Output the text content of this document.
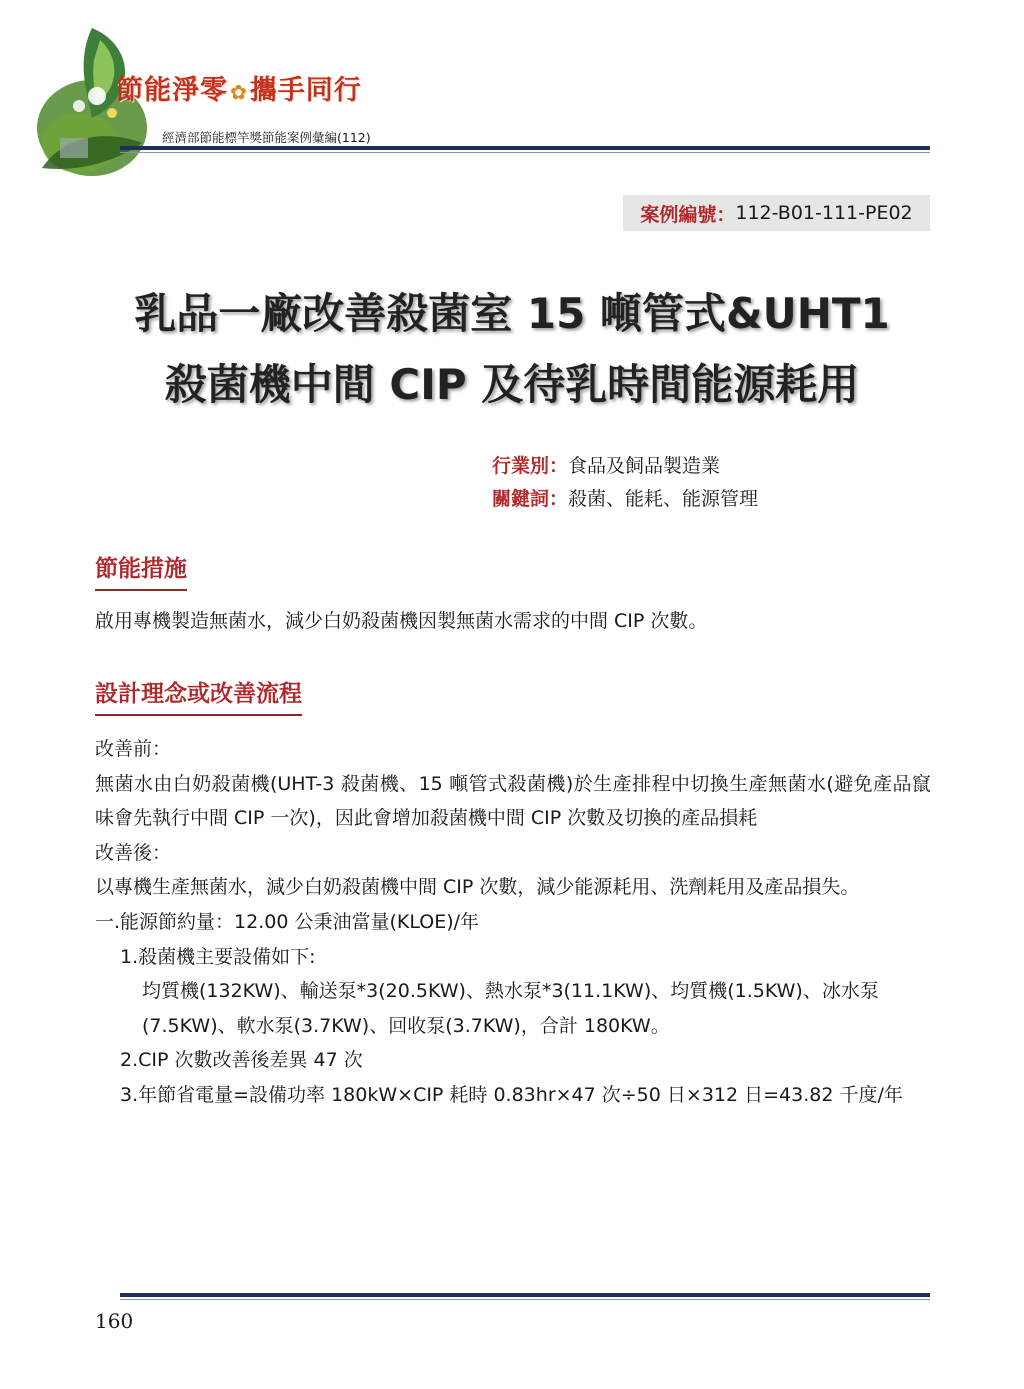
節能淨零 ✿攜手同行
經濟部節能標竿獎節能案例彙編(112)
案例編號： 112-B01-111-PE02
乳品一廠改善殺菌室 15 噸管式&UHT1
殺菌機中間 CIP 及待乳時間能源耗用
行業別：食品及飼品製造業
關鍵詞：殺菌、能耗、能源管理
節能措施

啟用專機製造無菌水，減少白奶殺菌機因製無菌水需求的中間 CIP 次數。

設計理念或改善流程

改善前：

無菌水由白奶殺菌機(UHT-3 殺菌機、15 噸管式殺菌機)於生產排程中切換生產無菌水(避免產品竄味會先執行中間 CIP 一次)，因此會增加殺菌機中間 CIP 次數及切換的產品損耗

改善後：

以專機生產無菌水，減少白奶殺菌機中間 CIP 次數，減少能源耗用、洗劑耗用及產品損失。

一.能源節約量：12.00 公秉油當量(KLOE)/年

1.殺菌機主要設備如下:

均質機(132KW)、輸送泵*3(20.5KW)、熱水泵*3(11.1KW)、均質機(1.5KW)、冰水泵(7.5KW)、軟水泵(3.7KW)、回收泵(3.7KW)，合計 180KW。

2.CIP 次數改善後差異 47 次

3.年節省電量=設備功率 180kW×CIP 耗時 0.83hr×47 次÷50 日×312 日=43.82 千度/年

160
